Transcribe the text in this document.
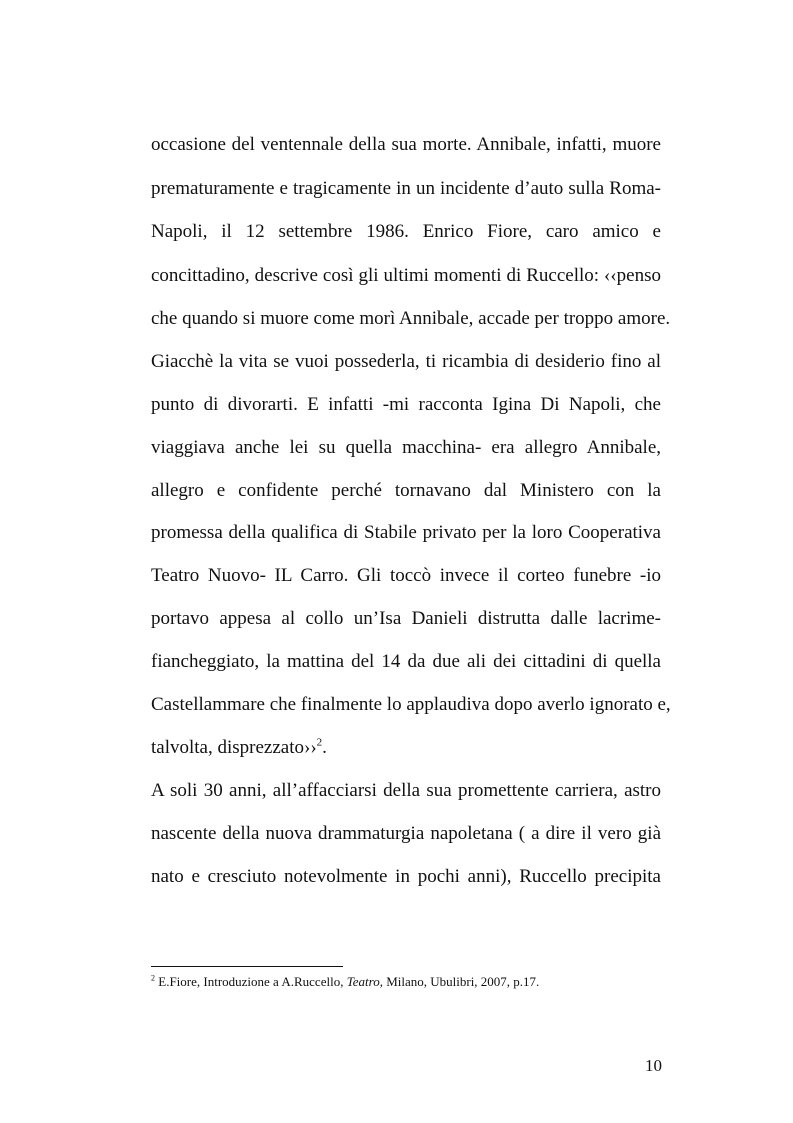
occasione del ventennale della sua morte. Annibale, infatti, muore
prematuramente e tragicamente in un incidente d’auto sulla Roma-
Napoli, il 12 settembre 1986. Enrico Fiore, caro amico e
concittadino, descrive così gli ultimi momenti di Ruccello: ‹‹penso
che quando si muore come morì Annibale, accade per troppo amore.
Giacchè la vita se vuoi possederla, ti ricambia di desiderio fino al
punto di divorarti. E infatti -mi racconta Igina Di Napoli, che
viaggiava anche lei su quella macchina- era allegro Annibale,
allegro e confidente perché tornavano dal Ministero con la
promessa della qualifica di Stabile privato per la loro Cooperativa
Teatro Nuovo- IL Carro. Gli toccò invece il corteo funebre -io
portavo appesa al collo un’Isa Danieli distrutta dalle lacrime-
fiancheggiato, la mattina del 14 da due ali dei cittadini di quella
Castellammare che finalmente lo applaudiva dopo averlo ignorato e,
talvolta, disprezzato››$^2$.
A soli 30 anni, all’affacciarsi della sua promettente carriera, astro
nascente della nuova drammaturgia napoletana ( a dire il vero già
nato e cresciuto notevolmente in pochi anni), Ruccello precipita
$^2$ E.Fiore, Introduzione a A.Ruccello, Teatro, Milano, Ubulibri, 2007, p.17.
10
